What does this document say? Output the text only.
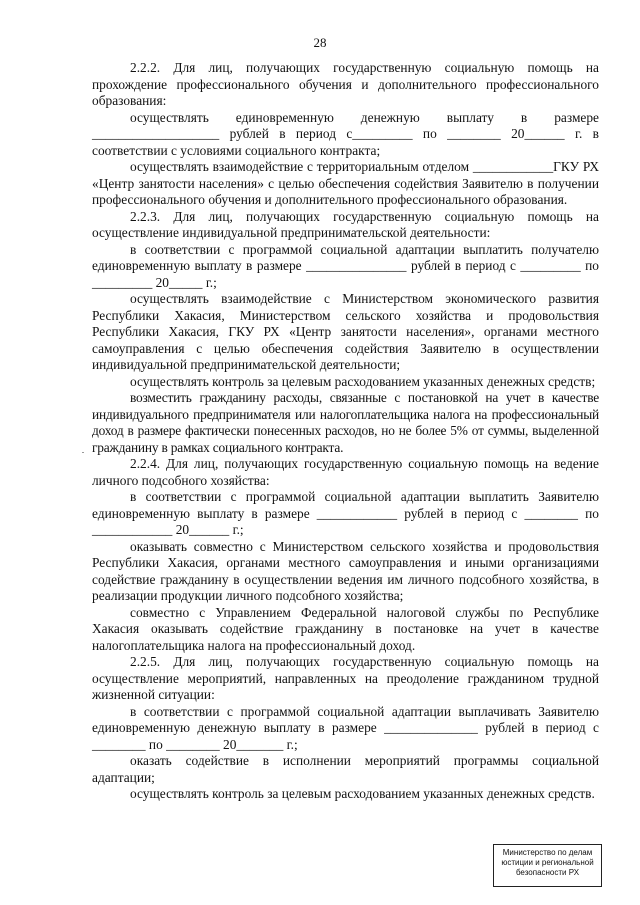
28

2.2.2. Для лиц, получающих государственную социальную помощь на прохождение профессионального обучения и дополнительного профессионального образования:

осуществлять единовременную денежную выплату в размере ___________________ рублей в период с_________ по ________ 20______ г. в соответствии с условиями социального контракта;

осуществлять взаимодействие с территориальным отделом ____________ГКУ РХ «Центр занятости населения» с целью обеспечения содействия Заявителю в получении профессионального обучения и дополнительного профессионального образования.

2.2.3. Для лиц, получающих государственную социальную помощь на осуществление индивидуальной предпринимательской деятельности:

в соответствии с программой социальной адаптации выплатить получателю единовременную выплату в размере _______________ рублей в период с _________ по _________ 20_____ г.;

осуществлять взаимодействие с Министерством экономического развития Республики Хакасия, Министерством сельского хозяйства и продовольствия Республики Хакасия, ГКУ РХ «Центр занятости населения», органами местного самоуправления с целью обеспечения содействия Заявителю в осуществлении индивидуальной предпринимательской деятельности;

осуществлять контроль за целевым расходованием указанных денежных средств;

возместить гражданину расходы, связанные с постановкой на учет в качестве индивидуального предпринимателя или налогоплательщика налога на профессиональный доход в размере фактически понесенных расходов, но не более 5% от суммы, выделенной гражданину в рамках социального контракта.

2.2.4. Для лиц, получающих государственную социальную помощь на ведение личного подсобного хозяйства:

в соответствии с программой социальной адаптации выплатить Заявителю единовременную выплату в размере ____________ рублей в период с ________ по ____________ 20______ г.;

оказывать совместно с Министерством сельского хозяйства и продовольствия Республики Хакасия, органами местного самоуправления и иными организациями содействие гражданину в осуществлении ведения им личного подсобного хозяйства, в реализации продукции личного подсобного хозяйства;

совместно с Управлением Федеральной налоговой службы по Республике Хакасия оказывать содействие гражданину в постановке на учет в качестве налогоплательщика налога на профессиональный доход.

2.2.5. Для лиц, получающих государственную социальную помощь на осуществление мероприятий, направленных на преодоление гражданином трудной жизненной ситуации:

в соответствии с программой социальной адаптации выплачивать Заявителю единовременную денежную выплату в размере ______________ рублей в период с ________ по ________ 20_______ г.;

оказать содействие в исполнении мероприятий программы социальной адаптации;

осуществлять контроль за целевым расходованием указанных денежных средств.

Министерство по делам
юстиции и региональной
безопасности РХ
